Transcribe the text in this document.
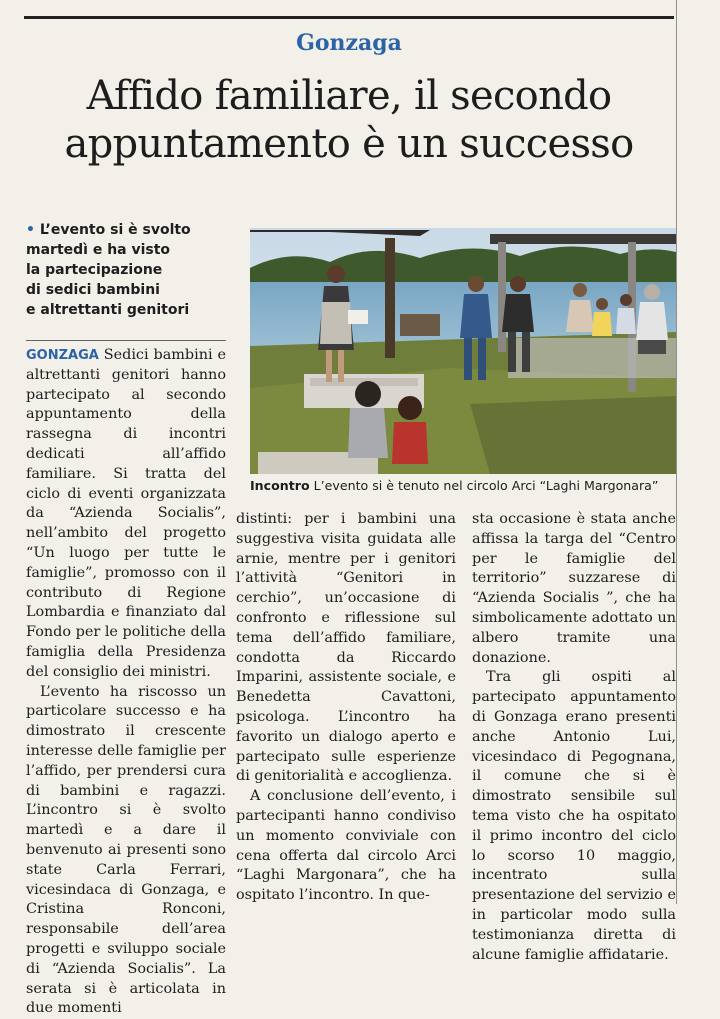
Gonzaga
Affido familiare, il secondo
appuntamento è un successo
• L’evento si è svolto
martedì e ha visto
la partecipazione
di sedici bambini
e altrettanti genitori
Incontro L’evento si è tenuto nel circolo Arci “Laghi Margonara”

GONZAGA Sedici bambini e altrettanti genitori hanno partecipato al secondo appuntamento della rassegna di incontri dedicati all’affido familiare. Si tratta del ciclo di eventi organizzata da “Azienda Socialis”, nell’ambito del progetto “Un luogo per tutte le famiglie”, promosso con il contributo di Regione Lombardia e finanziato dal Fondo per le politiche della famiglia della Presidenza del consiglio dei ministri.

L’evento ha riscosso un particolare successo e ha dimostrato il crescente interesse delle famiglie per l’affido, per prendersi cura di bambini e ragazzi. L’incontro si è svolto martedì e a dare il benvenuto ai presenti sono state Carla Ferrari, vicesindaca di Gonzaga, e Cristina Ronconi, responsabile dell’area progetti e sviluppo sociale di “Azienda Socialis”. La serata si è articolata in due momenti

distinti: per i bambini una suggestiva visita guidata alle arnie, mentre per i genitori l’attività “Genitori in cerchio”, un’occasione di confronto e riflessione sul tema dell’affido familiare, condotta da Riccardo Imparini, assistente sociale, e Benedetta Cavattoni, psicologa. L’incontro ha favorito un dialogo aperto e partecipato sulle esperienze di genitorialità e accoglienza.

A conclusione dell’evento, i partecipanti hanno condiviso un momento conviviale con cena offerta dal circolo Arci “Laghi Margonara”, che ha ospitato l’incontro. In que-

sta occasione è stata anche affissa la targa del “Centro per le famiglie del territorio” suzzarese di “Azienda Socialis ”, che ha simbolicamente adottato un albero tramite una donazione.

Tra gli ospiti al partecipato appuntamento di Gonzaga erano presenti anche Antonio Lui, vicesindaco di Pegognana, il comune che si è dimostrato sensibile sul tema visto che ha ospitato il primo incontro del ciclo lo scorso 10 maggio, incentrato sulla presentazione del servizio e in particolar modo sulla testimonianza diretta di alcune famiglie affidatarie.
